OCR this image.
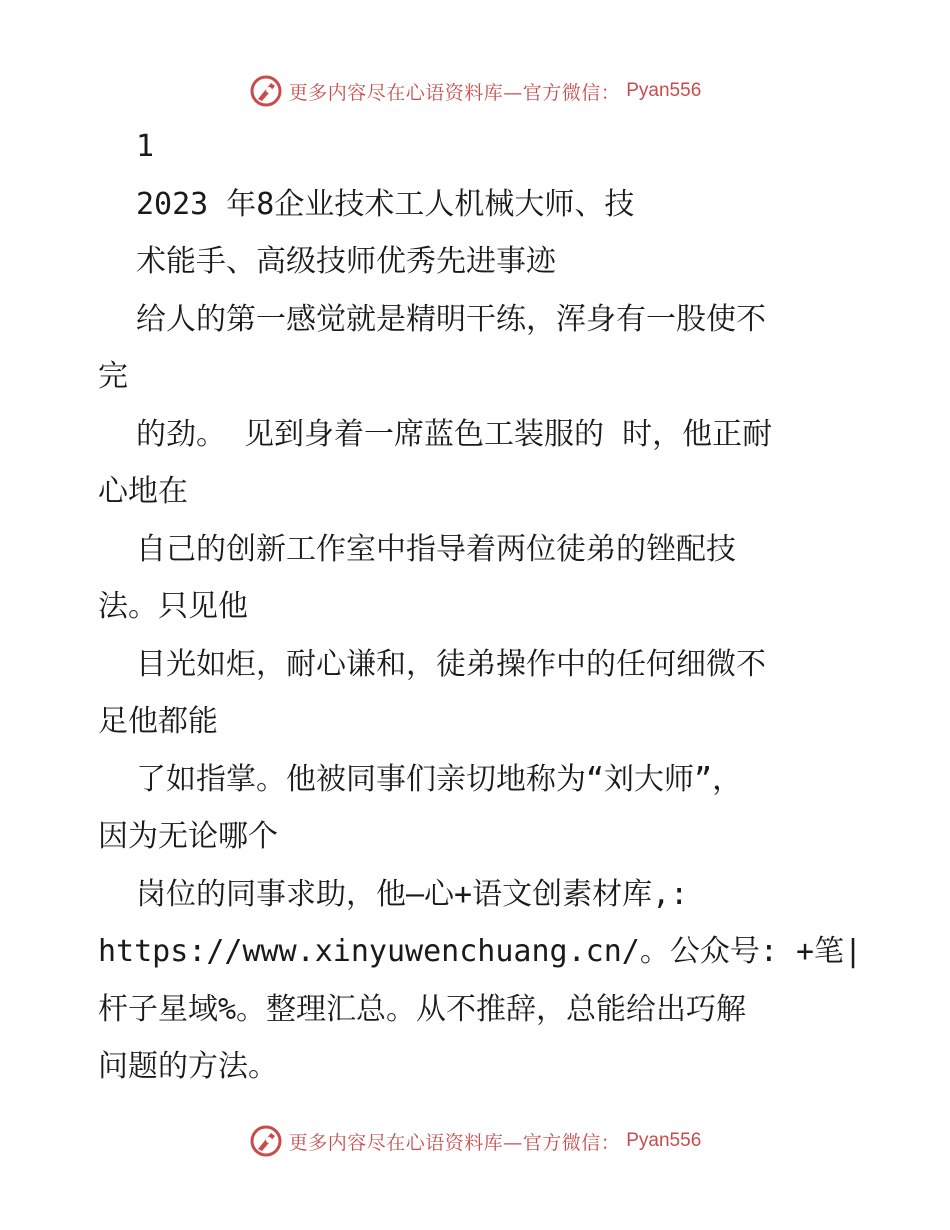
更多内容尽在心语资料库—官方微信： Pyan556
1
2023 年8企业技术工人机械大师、技
术能手、高级技师优秀先进事迹
给人的第一感觉就是精明干练，浑身有一股使不
完
的劲。 见到身着一席蓝色工装服的 时，他正耐
心地在
自己的创新工作室中指导着两位徒弟的锉配技
法。只见他
目光如炬，耐心谦和，徒弟操作中的任何细微不
足他都能
了如指掌。他被同事们亲切地称为“刘大师”，
因为无论哪个
岗位的同事求助，他—心+语文创素材库,:
https://www.xinyuwenchuang.cn/。公众号: +笔|
杆子星域%。整理汇总。从不推辞，总能给出巧解
问题的方法。
更多内容尽在心语资料库—官方微信： Pyan556
